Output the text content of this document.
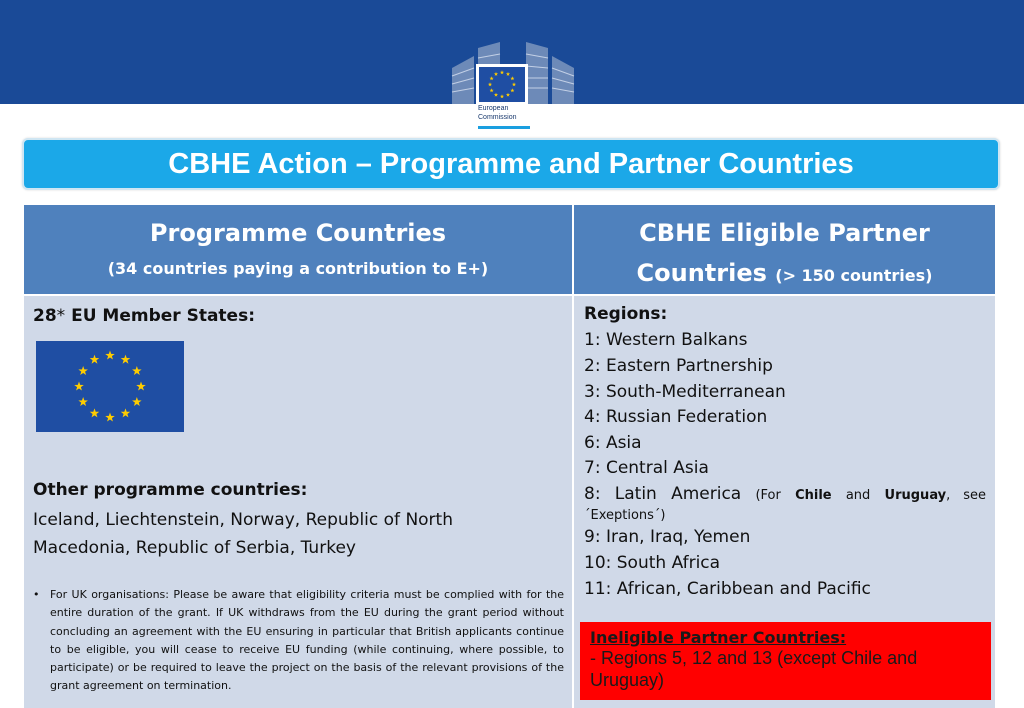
European
Commission
CBHE Action – Programme and Partner Countries
Programme Countries
(34 countries paying a contribution to E+)
CBHE Eligible Partner
Countries (> 150 countries)
28* EU Member States:
Other programme countries:
Iceland, Liechtenstein, Norway, Republic of North Macedonia, Republic of Serbia, Turkey
• For UK organisations: Please be aware that eligibility criteria must be complied with for the entire duration of the grant. If UK withdraws from the EU during the grant period without concluding an agreement with the EU ensuring in particular that British applicants continue to be eligible, you will cease to receive EU funding (while continuing, where possible, to participate) or be required to leave the project on the basis of the relevant provisions of the grant agreement on termination.
Regions:
1: Western Balkans
2: Eastern Partnership
3: South-Mediterranean
4: Russian Federation
6: Asia
7: Central Asia
8: Latin America (For Chile and Uruguay, see
´Exeptions´)
9: Iran, Iraq, Yemen
10: South Africa
11: African, Caribbean and Pacific
Ineligible Partner Countries:
- Regions 5, 12 and 13 (except Chile and Uruguay)
